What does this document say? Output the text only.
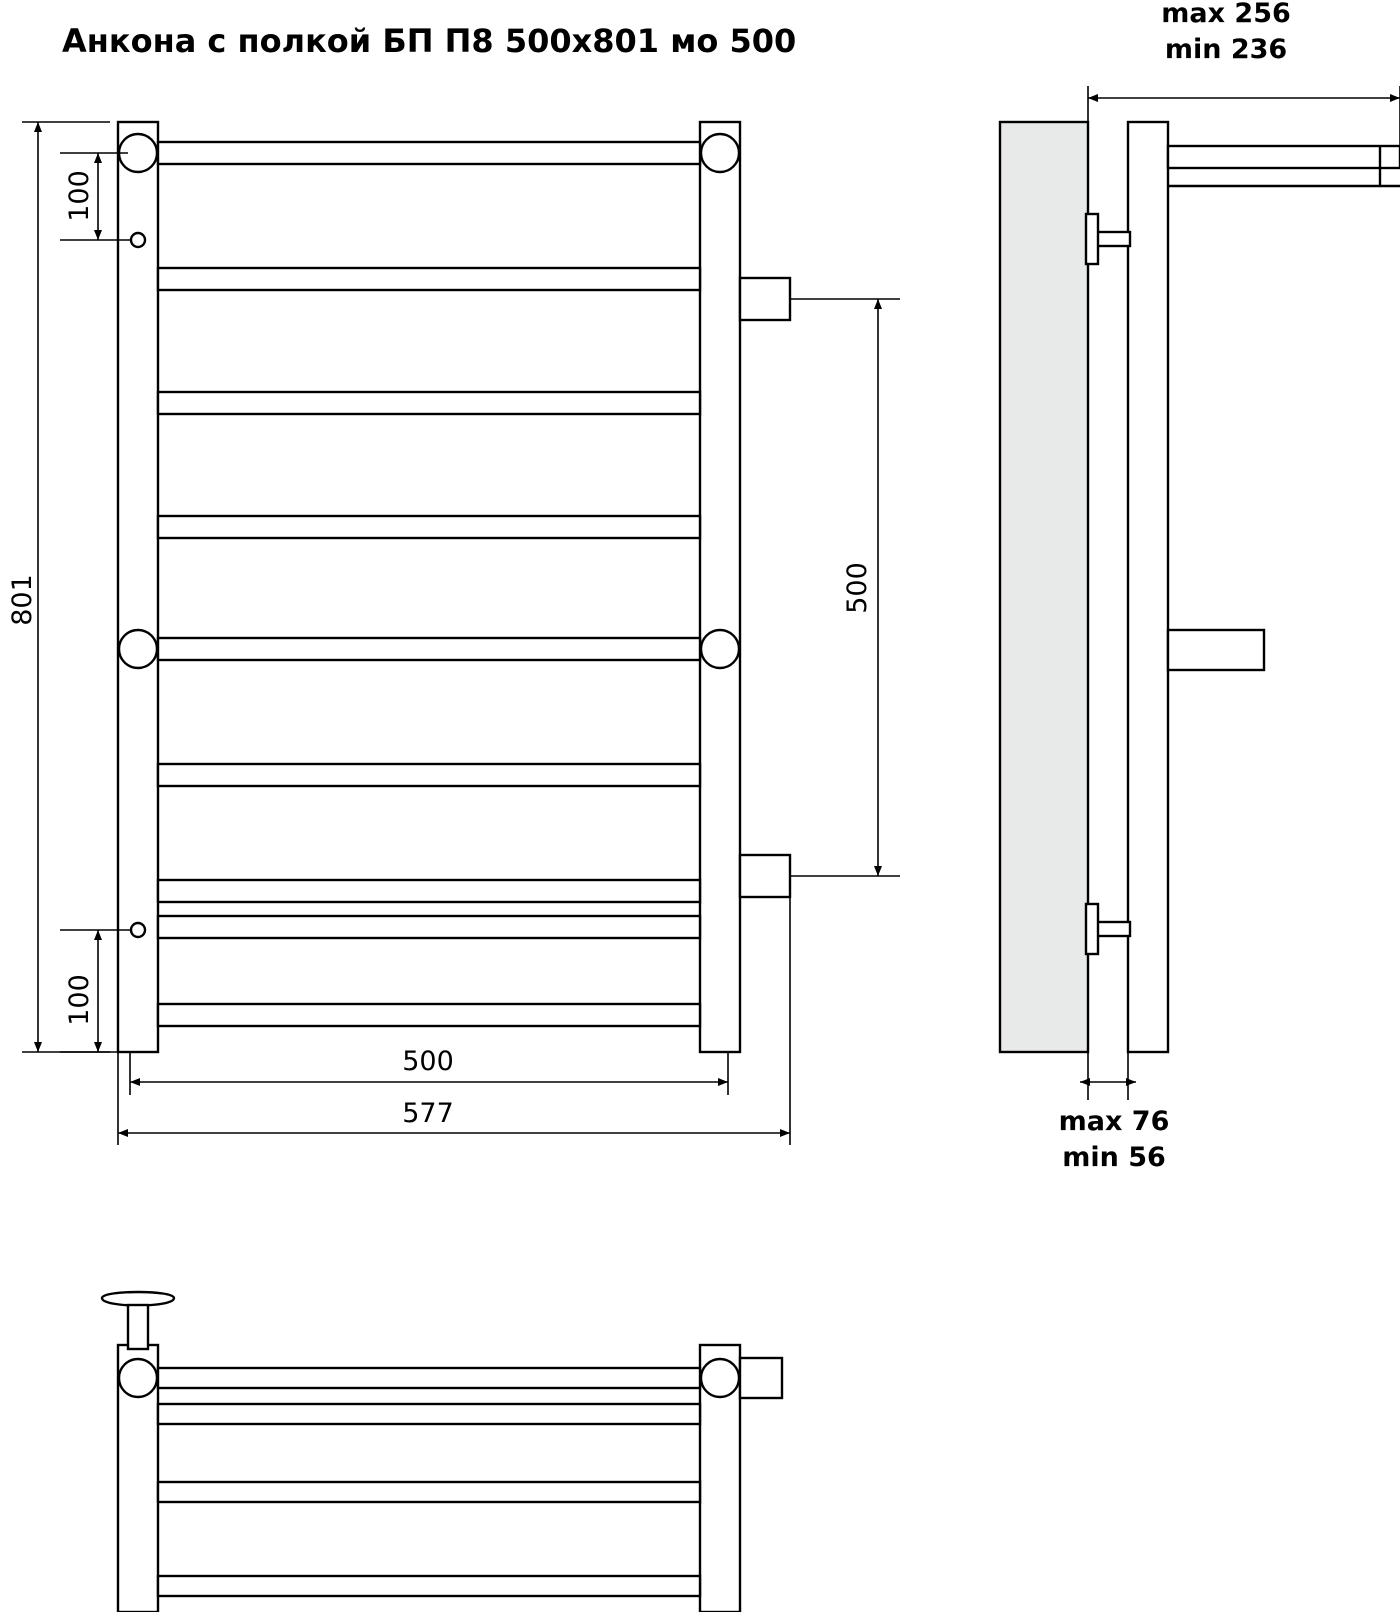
Анкона с полкой БП П8 500х801 мо 500
801
100
100
500
500
577
max 256
min 236
max 76
min 56
